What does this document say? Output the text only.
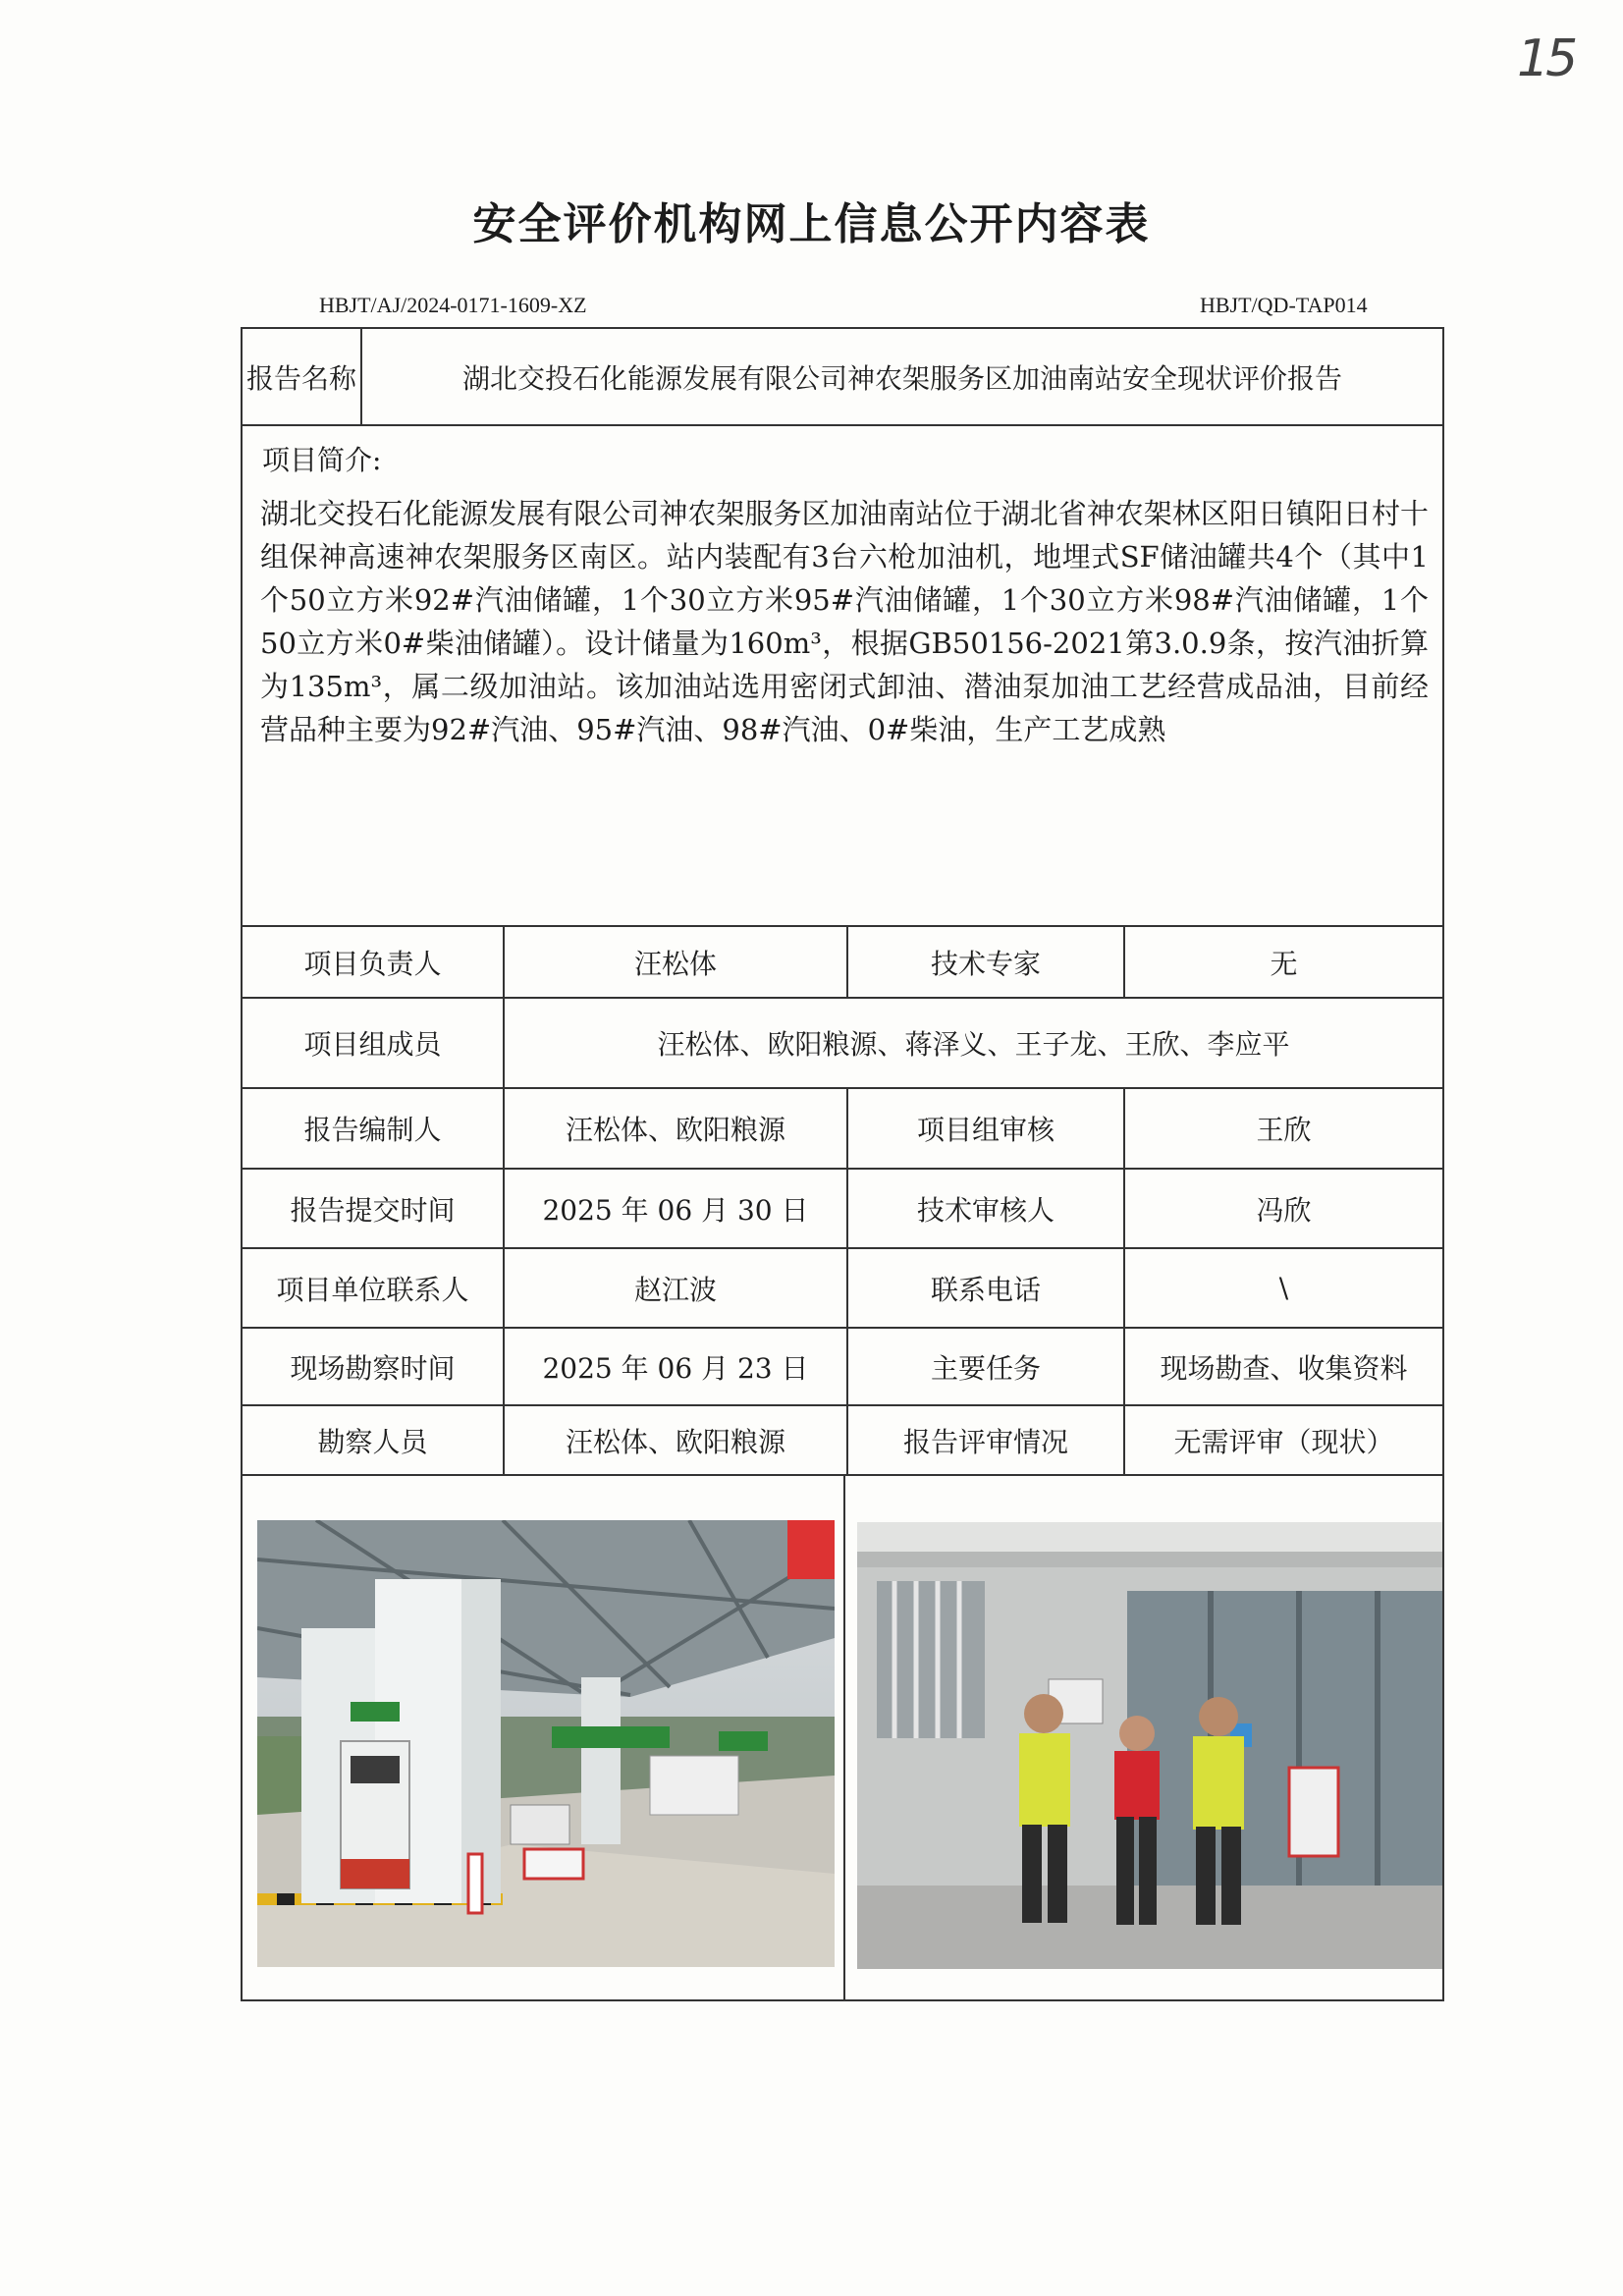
15
安全评价机构网上信息公开内容表
HBJT/AJ/2024-0171-1609-XZ	HBJT/QD-TAP014
报告名称	湖北交投石化能源发展有限公司神农架服务区加油南站安全现状评价报告
项目简介:
湖北交投石化能源发展有限公司神农架服务区加油南站位于湖北省神农架林区阳日镇阳日村十组保神高速神农架服务区南区。站内装配有3台六枪加油机，地埋式SF储油罐共4个（其中1个50立方米92#汽油储罐，1个30立方米95#汽油储罐，1个30立方米98#汽油储罐，1个50立方米0#柴油储罐）。设计储量为160m³，根据GB50156-2021第3.0.9条，按汽油折算为135m³，属二级加油站。该加油站选用密闭式卸油、潜油泵加油工艺经营成品油，目前经营品种主要为92#汽油、95#汽油、98#汽油、0#柴油，生产工艺成熟
项目负责人	汪松体	技术专家	无
项目组成员	汪松体、欧阳粮源、蒋泽义、王子龙、王欣、李应平
报告编制人	汪松体、欧阳粮源	项目组审核	王欣
报告提交时间	2025 年 06 月 30 日	技术审核人	冯欣
项目单位联系人	赵江波	联系电话	\
现场勘察时间	2025 年 06 月 23 日	主要任务	现场勘查、收集资料
勘察人员	汪松体、欧阳粮源	报告评审情况	无需评审（现状）
